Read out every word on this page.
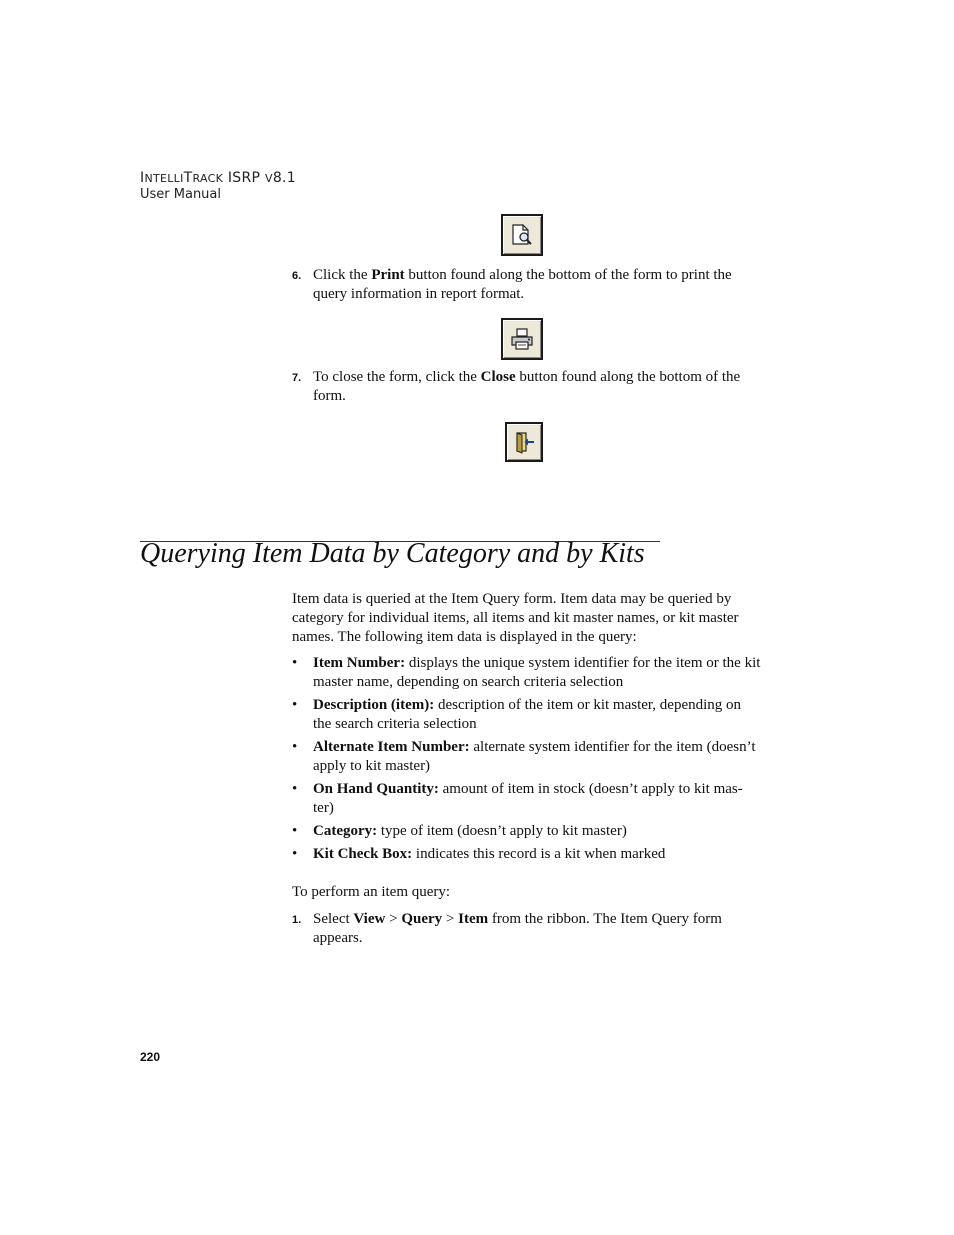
INTELLITRACK ISRP V8.1
User Manual
6. Click the Print button found along the bottom of the form to print the query information in report format.
7. To close the form, click the Close button found along the bottom of the form.
Querying Item Data by Category and by Kits

Item data is queried at the Item Query form. Item data may be queried by category for individual items, all items and kit master names, or kit master names. The following item data is displayed in the query:

• Item Number: displays the unique system identifier for the item or the kit master name, depending on search criteria selection
• Description (item): description of the item or kit master, depending on the search criteria selection
• Alternate Item Number: alternate system identifier for the item (doesn’t apply to kit master)
• On Hand Quantity: amount of item in stock (doesn’t apply to kit mas-ter)
• Category: type of item (doesn’t apply to kit master)
• Kit Check Box: indicates this record is a kit when marked

To perform an item query:

1. Select View > Query > Item from the ribbon. The Item Query form appears.
220
